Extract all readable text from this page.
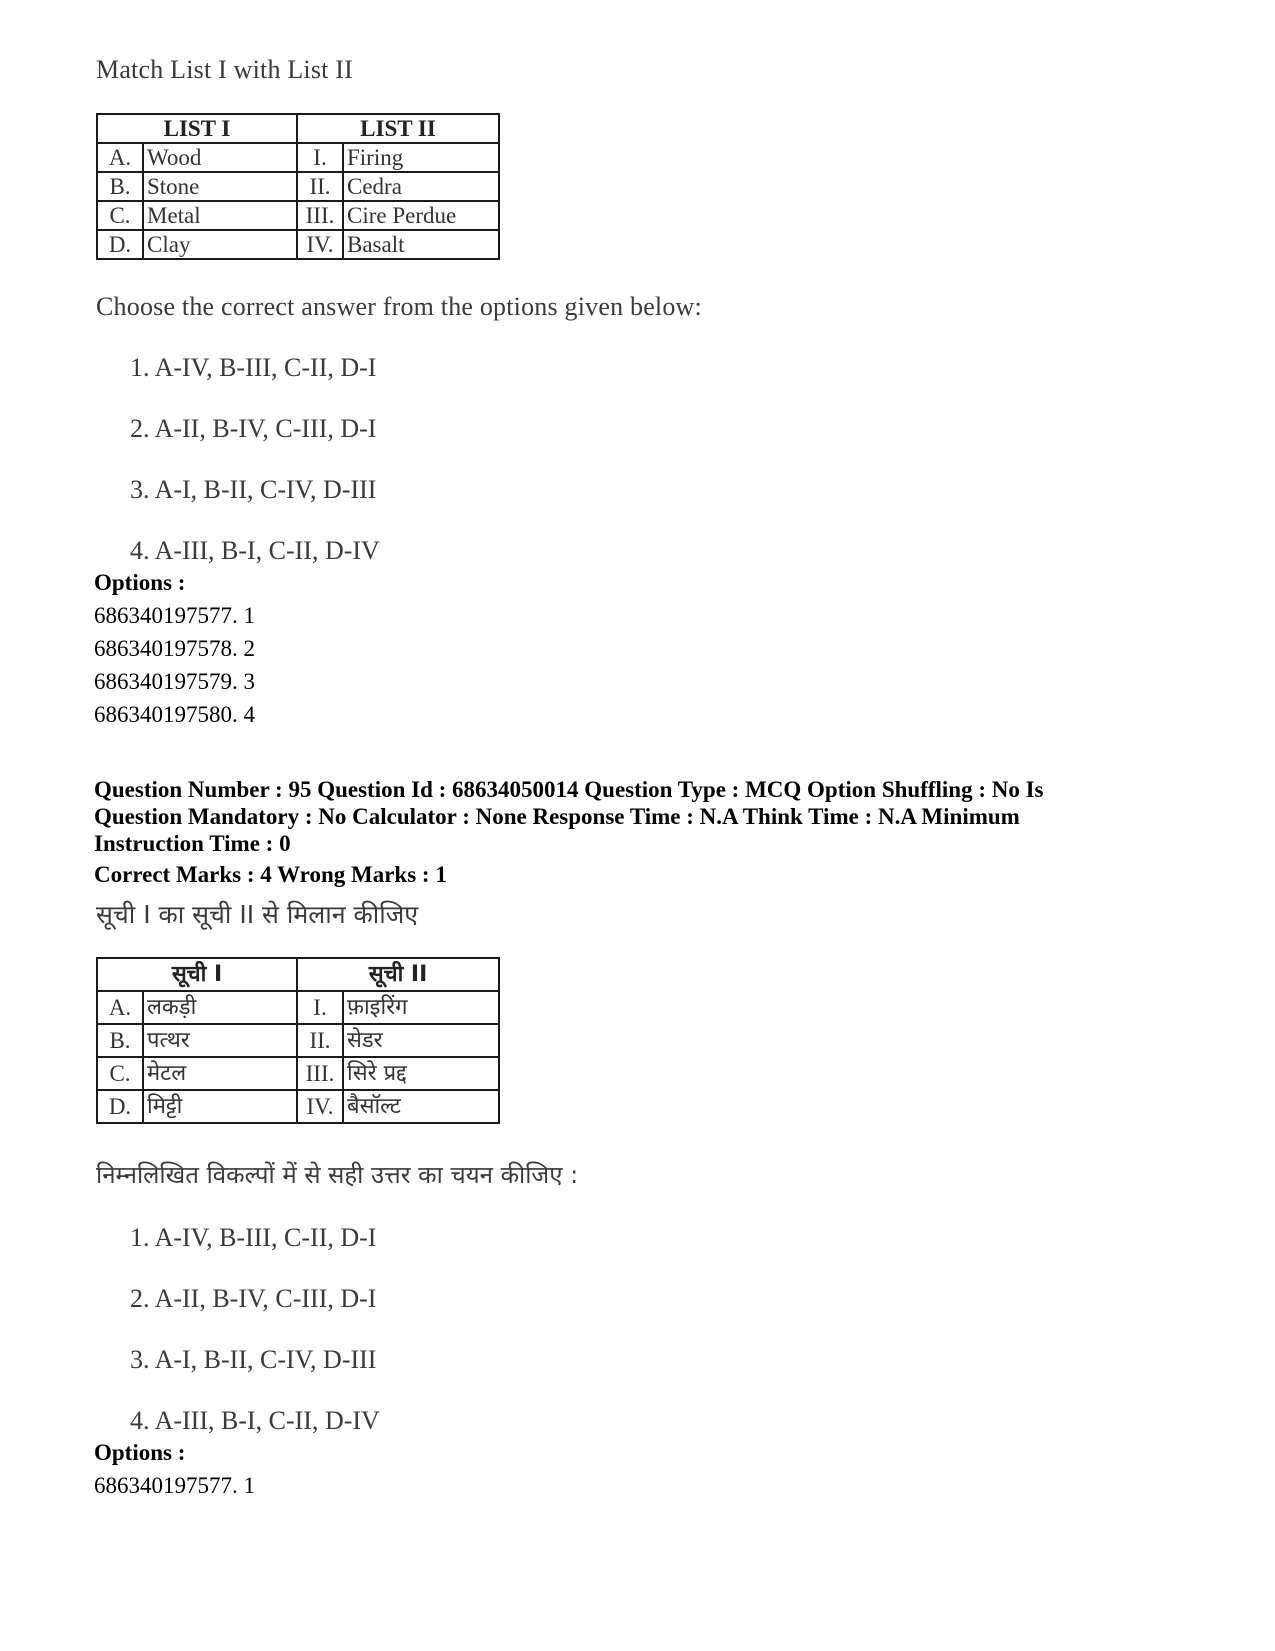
Match List I with List II

LIST I		LIST II	
A.	Wood	I.	Firing
B.	Stone	II.	Cedra
C.	Metal	III.	Cire Perdue
D.	Clay	IV.	Basalt

Choose the correct answer from the options given below:

1. A-IV, B-III, C-II, D-I

2. A-II, B-IV, C-III, D-I

3. A-I, B-II, C-IV, D-III

4. A-III, B-I, C-II, D-IV

Options :

686340197577. 1

686340197578. 2

686340197579. 3

686340197580. 4

Question Number : 95 Question Id : 68634050014 Question Type : MCQ Option Shuffling : No Is Question Mandatory : No Calculator : None Response Time : N.A Think Time : N.A Minimum Instruction Time : 0

Correct Marks : 4 Wrong Marks : 1

सूची I का सूची II से मिलान कीजिए

सूची I		सूची II	
A.	लकड़ी	I.	फ़ाइरिंग
B.	पत्थर	II.	सेडर
C.	मेटल	III.	सिरे प्रद्द
D.	मिट्टी	IV.	बैसॉल्ट

निम्नलिखित विकल्पों में से सही उत्तर का चयन कीजिए :

1. A-IV, B-III, C-II, D-I

2. A-II, B-IV, C-III, D-I

3. A-I, B-II, C-IV, D-III

4. A-III, B-I, C-II, D-IV

Options :

686340197577. 1
